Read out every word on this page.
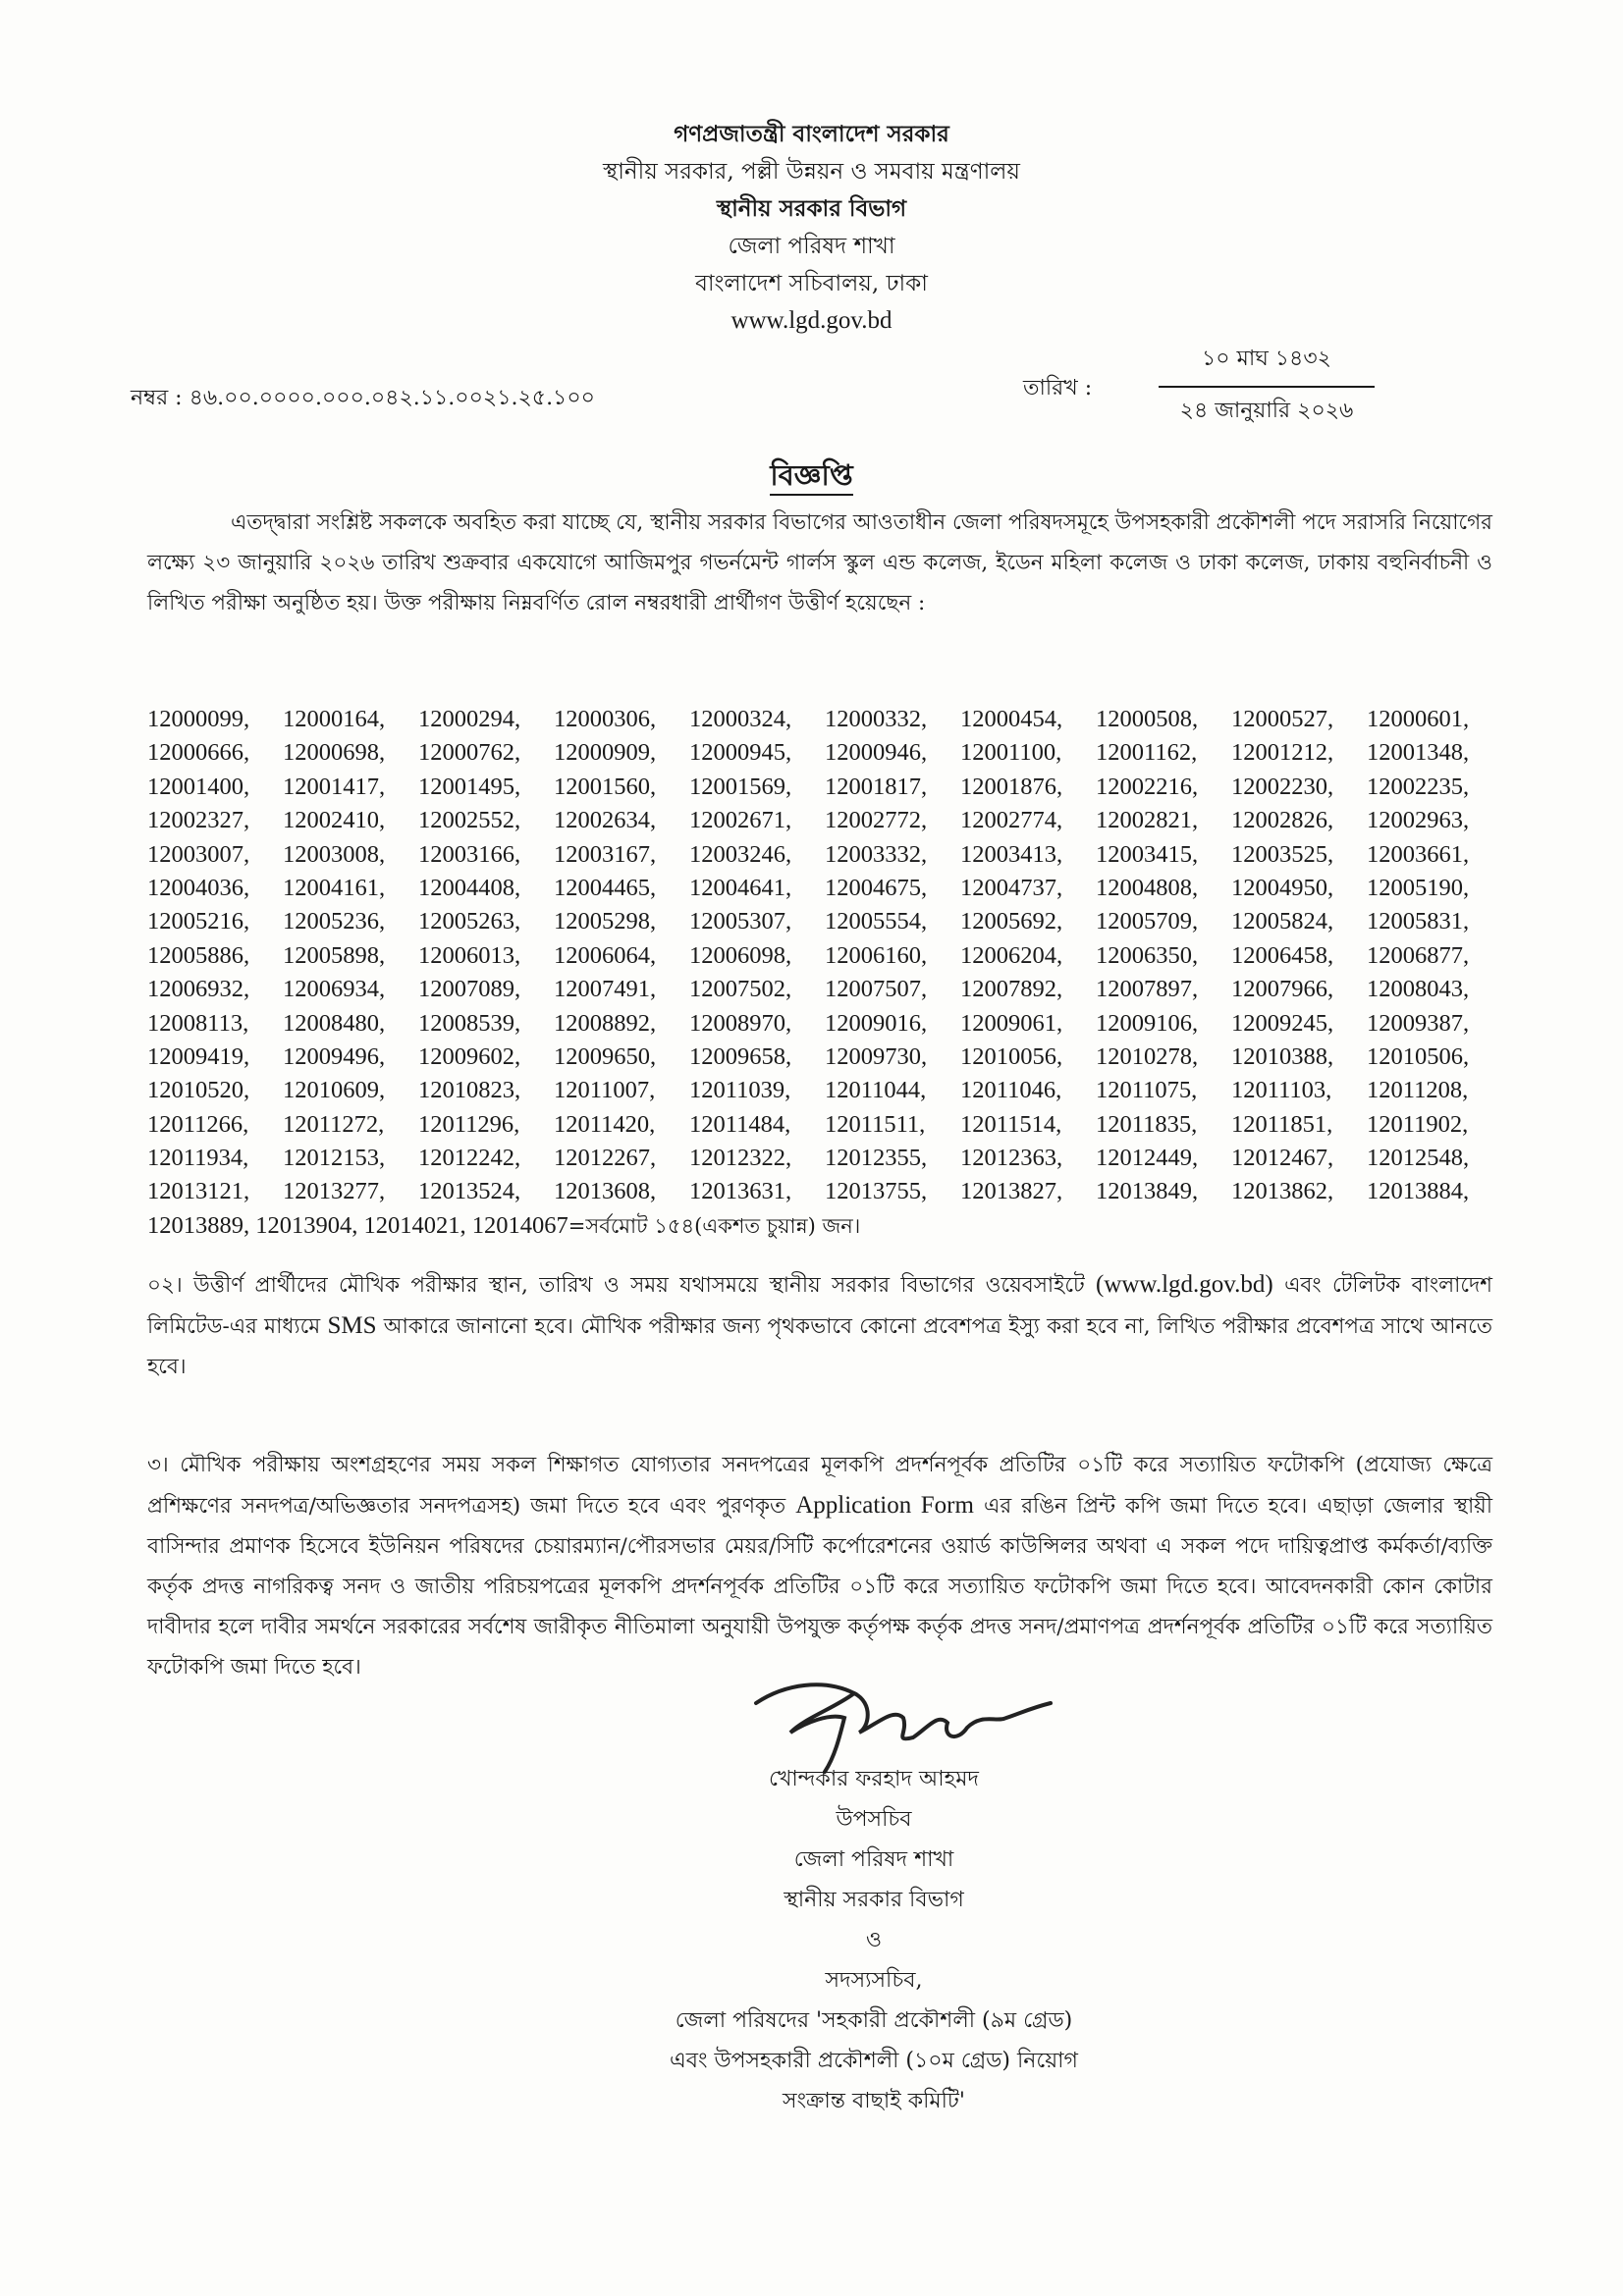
গণপ্রজাতন্ত্রী বাংলাদেশ সরকার
স্থানীয় সরকার, পল্লী উন্নয়ন ও সমবায় মন্ত্রণালয়
স্থানীয় সরকার বিভাগ
জেলা পরিষদ শাখা
বাংলাদেশ সচিবালয়, ঢাকা
www.lgd.gov.bd
নম্বর : ৪৬.০০.০০০০.০০০.০৪২.১১.০০২১.২৫.১০০	তারিখ :
১০ মাঘ ১৪৩২
২৪ জানুয়ারি ২০২৬
বিজ্ঞপ্তি
এতদ্দ্বারা সংশ্লিষ্ট সকলকে অবহিত করা যাচ্ছে যে, স্থানীয় সরকার বিভাগের আওতাধীন জেলা পরিষদসমূহে উপসহকারী প্রকৌশলী পদে সরাসরি নিয়োগের লক্ষ্যে ২৩ জানুয়ারি ২০২৬ তারিখ শুক্রবার একযোগে আজিমপুর গভর্নমেন্ট গার্লস স্কুল এন্ড কলেজ, ইডেন মহিলা কলেজ ও ঢাকা কলেজ, ঢাকায় বহুনির্বাচনী ও লিখিত পরীক্ষা অনুষ্ঠিত হয়। উক্ত পরীক্ষায় নিম্নবর্ণিত রোল নম্বরধারী প্রার্থীগণ উত্তীর্ণ হয়েছেন :
12000099, 12000164, 12000294, 12000306, 12000324, 12000332, 12000454, 12000508, 12000527, 12000601,
12000666, 12000698, 12000762, 12000909, 12000945, 12000946, 12001100, 12001162, 12001212, 12001348,
12001400, 12001417, 12001495, 12001560, 12001569, 12001817, 12001876, 12002216, 12002230, 12002235,
12002327, 12002410, 12002552, 12002634, 12002671, 12002772, 12002774, 12002821, 12002826, 12002963,
12003007, 12003008, 12003166, 12003167, 12003246, 12003332, 12003413, 12003415, 12003525, 12003661,
12004036, 12004161, 12004408, 12004465, 12004641, 12004675, 12004737, 12004808, 12004950, 12005190,
12005216, 12005236, 12005263, 12005298, 12005307, 12005554, 12005692, 12005709, 12005824, 12005831,
12005886, 12005898, 12006013, 12006064, 12006098, 12006160, 12006204, 12006350, 12006458, 12006877,
12006932, 12006934, 12007089, 12007491, 12007502, 12007507, 12007892, 12007897, 12007966, 12008043,
12008113, 12008480, 12008539, 12008892, 12008970, 12009016, 12009061, 12009106, 12009245, 12009387,
12009419, 12009496, 12009602, 12009650, 12009658, 12009730, 12010056, 12010278, 12010388, 12010506,
12010520, 12010609, 12010823, 12011007, 12011039, 12011044, 12011046, 12011075, 12011103, 12011208,
12011266, 12011272, 12011296, 12011420, 12011484, 12011511, 12011514, 12011835, 12011851, 12011902,
12011934, 12012153, 12012242, 12012267, 12012322, 12012355, 12012363, 12012449, 12012467, 12012548,
12013121, 12013277, 12013524, 12013608, 12013631, 12013755, 12013827, 12013849, 12013862, 12013884,
12013889, 12013904, 12014021, 12014067=সর্বমোট ১৫৪(একশত চুয়ান্ন) জন।
০২। উত্তীর্ণ প্রার্থীদের মৌখিক পরীক্ষার স্থান, তারিখ ও সময় যথাসময়ে স্থানীয় সরকার বিভাগের ওয়েবসাইটে (www.lgd.gov.bd) এবং টেলিটক বাংলাদেশ লিমিটেড-এর মাধ্যমে SMS আকারে জানানো হবে। মৌখিক পরীক্ষার জন্য পৃথকভাবে কোনো প্রবেশপত্র ইস্যু করা হবে না, লিখিত পরীক্ষার প্রবেশপত্র সাথে আনতে হবে।
৩। মৌখিক পরীক্ষায় অংশগ্রহণের সময় সকল শিক্ষাগত যোগ্যতার সনদপত্রের মূলকপি প্রদর্শনপূর্বক প্রতিটির ০১টি করে সত্যায়িত ফটোকপি (প্রযোজ্য ক্ষেত্রে প্রশিক্ষণের সনদপত্র/অভিজ্ঞতার সনদপত্রসহ) জমা দিতে হবে এবং পুরণকৃত Application Form এর রঙিন প্রিন্ট কপি জমা দিতে হবে। এছাড়া জেলার স্থায়ী বাসিন্দার প্রমাণক হিসেবে ইউনিয়ন পরিষদের চেয়ারম্যান/পৌরসভার মেয়র/সিটি কর্পোরেশনের ওয়ার্ড কাউন্সিলর অথবা এ সকল পদে দায়িত্বপ্রাপ্ত কর্মকর্তা/ব্যক্তি কর্তৃক প্রদত্ত নাগরিকত্ব সনদ ও জাতীয় পরিচয়পত্রের মূলকপি প্রদর্শনপূর্বক প্রতিটির ০১টি করে সত্যায়িত ফটোকপি জমা দিতে হবে। আবেদনকারী কোন কোটার দাবীদার হলে দাবীর সমর্থনে সরকারের সর্বশেষ জারীকৃত নীতিমালা অনুযায়ী উপযুক্ত কর্তৃপক্ষ কর্তৃক প্রদত্ত সনদ/প্রমাণপত্র প্রদর্শনপূর্বক প্রতিটির ০১টি করে সত্যায়িত ফটোকপি জমা দিতে হবে।
খোন্দকার ফরহাদ আহমদ
উপসচিব
জেলা পরিষদ শাখা
স্থানীয় সরকার বিভাগ
ও
সদস্যসচিব,
জেলা পরিষদের 'সহকারী প্রকৌশলী (৯ম গ্রেড)
এবং উপসহকারী প্রকৌশলী (১০ম গ্রেড) নিয়োগ
সংক্রান্ত বাছাই কমিটি'
